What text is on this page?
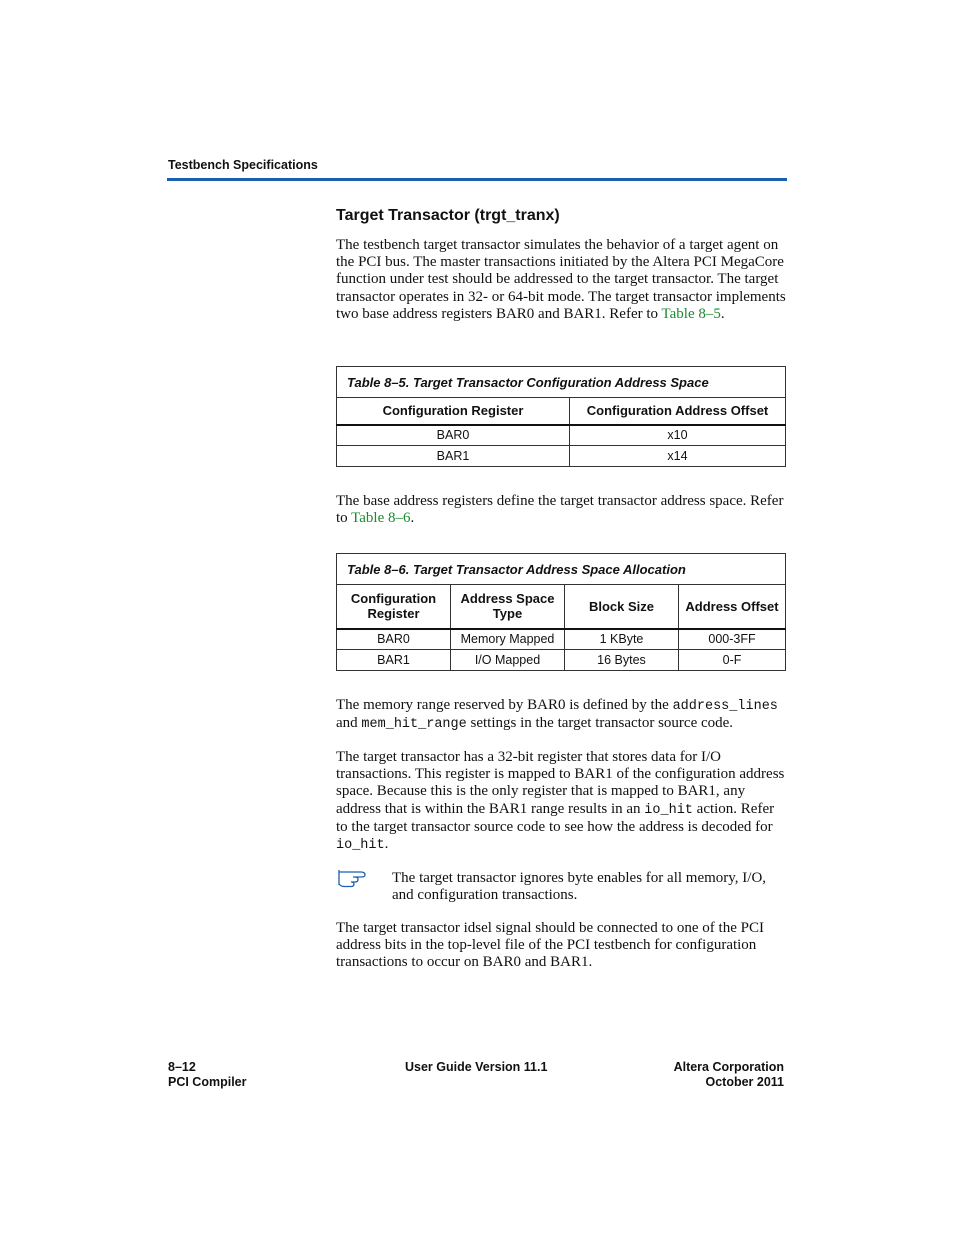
Testbench Specifications
Target Transactor (trgt_tranx)

The testbench target transactor simulates the behavior of a target agent on the PCI bus. The master transactions initiated by the Altera PCI MegaCore function under test should be addressed to the target transactor. The target transactor operates in 32- or 64-bit mode. The target transactor implements two base address registers BAR0 and BAR1. Refer to Table 8–5.

Table 8–5. Target Transactor Configuration Address Space	
Configuration Register	Configuration Address Offset
BAR0	x10
BAR1	x14

The base address registers define the target transactor address space. Refer to Table 8–6.

Table 8–6. Target Transactor Address Space Allocation			
Configuration Register	Address Space Type	Block Size	Address Offset
BAR0	Memory Mapped	1 KByte	000-3FF
BAR1	I/O Mapped	16 Bytes	0-F

The memory range reserved by BAR0 is defined by the address_lines and mem_hit_range settings in the target transactor source code.

The target transactor has a 32-bit register that stores data for I/O transactions. This register is mapped to BAR1 of the configuration address space. Because this is the only register that is mapped to BAR1, any address that is within the BAR1 range results in an io_hit action. Refer to the target transactor source code to see how the address is decoded for io_hit.

The target transactor ignores byte enables for all memory, I/O, and configuration transactions.

The target transactor idsel signal should be connected to one of the PCI address bits in the top-level file of the PCI testbench for configuration transactions to occur on BAR0 and BAR1.

8–12
PCI Compiler
User Guide Version 11.1	Altera Corporation
October 2011
